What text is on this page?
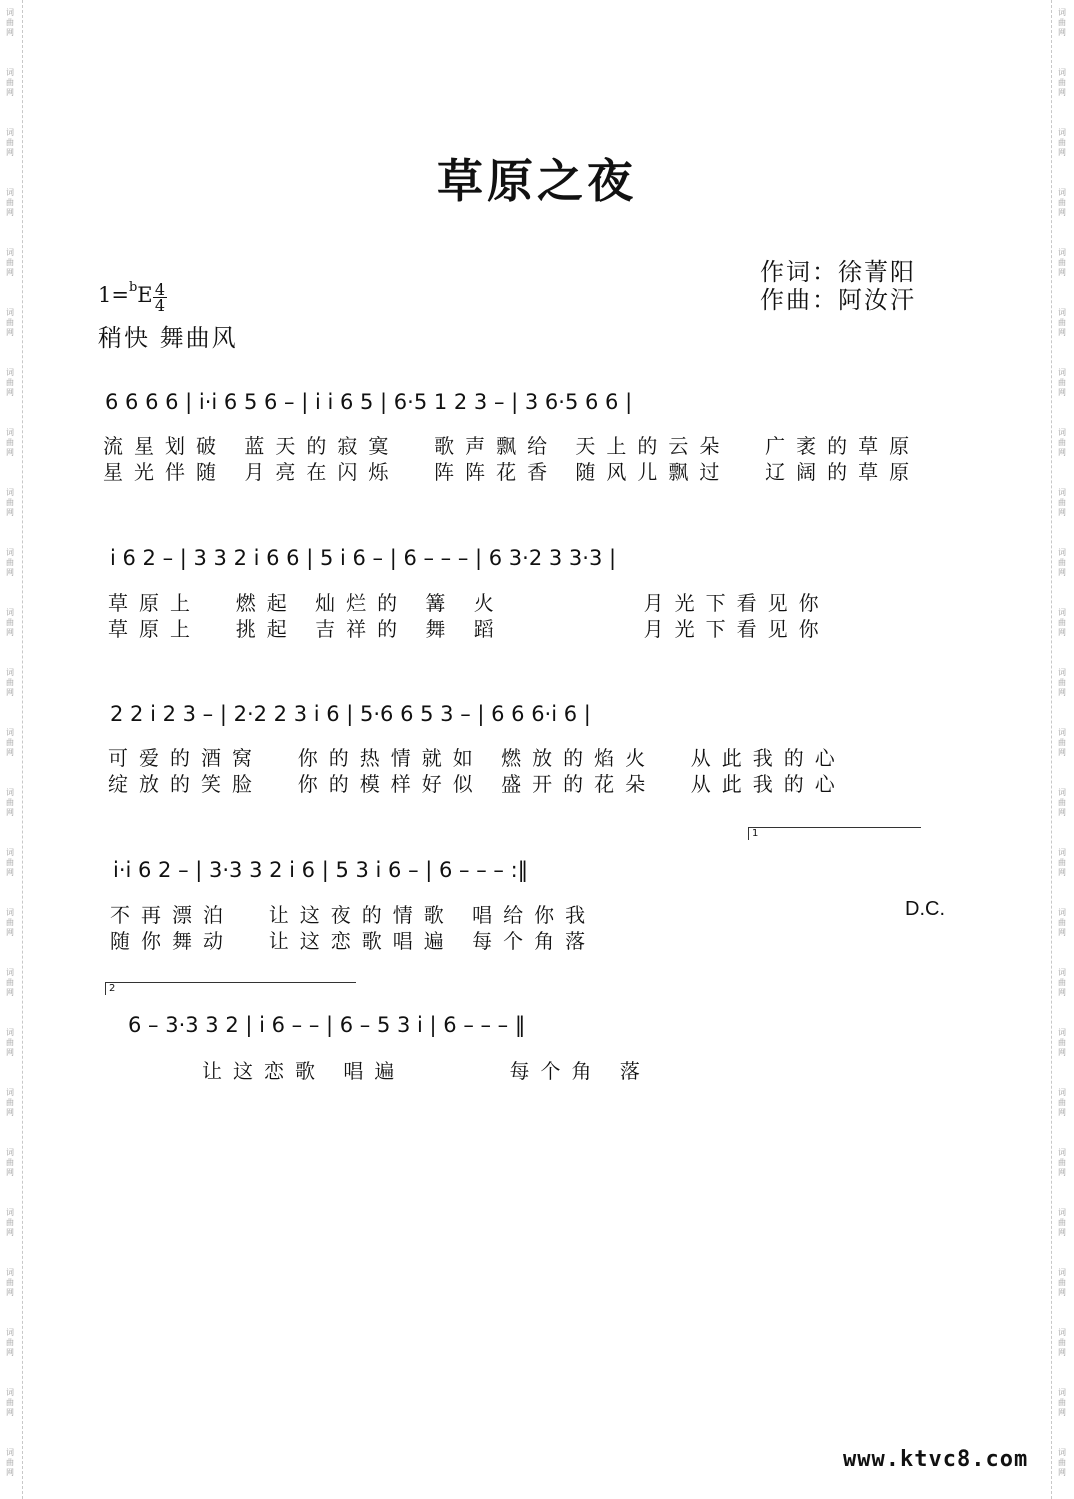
词曲网
词曲网
词曲网
词曲网
词曲网
词曲网
词曲网
词曲网
词曲网
词曲网
词曲网
词曲网
词曲网
词曲网
词曲网
词曲网
词曲网
词曲网
词曲网
词曲网
词曲网
词曲网
词曲网
词曲网
词曲网
词曲网
词曲网
词曲网
词曲网
词曲网
词曲网
词曲网
词曲网
词曲网
词曲网
词曲网
词曲网
词曲网
词曲网
词曲网
词曲网
词曲网
词曲网
词曲网
词曲网
词曲网
词曲网
词曲网
词曲网
词曲网
草原之夜
作词：徐菁阳
作曲：阿汝汗
1=$^b$E 4
4
稍快 舞曲风
6 6 6 6 | i·i 6 5 6 – | i i 6 5 | 6·5 1 2 3 – | 3 6·5 6 6 |
流星划破 蓝天的寂寞  歌声飘给 天上的云朵  广袤的草原
星光伴随 月亮在闪烁  阵阵花香 随风儿飘过  辽阔的草原
i 6 2 – | 3 3 2 i 6 6 | 5 i 6 – | 6 – – – | 6 3·2 3 3·3 |
草原上  燃起 灿烂的 篝 火        月光下看见你
草原上  挑起 吉祥的 舞 蹈        月光下看见你
2 2 i 2 3 – | 2·2 2 3 i 6 | 5·6 6 5 3 – | 6 6 6·i 6 |
可爱的酒窝  你的热情就如 燃放的焰火  从此我的心
绽放的笑脸  你的模样好似 盛开的花朵  从此我的心
1
i·i 6 2 – | 3·3 3 2 i 6 | 5 3 i 6 – | 6 – – – :‖
不再漂泊  让这夜的情歌 唱给你我
随你舞动  让这恋歌唱遍 每个角落
D.C.
2
6 – 3·3 3 2 | i 6 – – | 6 – 5 3 i | 6 – – – ‖
让这恋歌 唱遍      每个角 落
www.ktvc8.com
